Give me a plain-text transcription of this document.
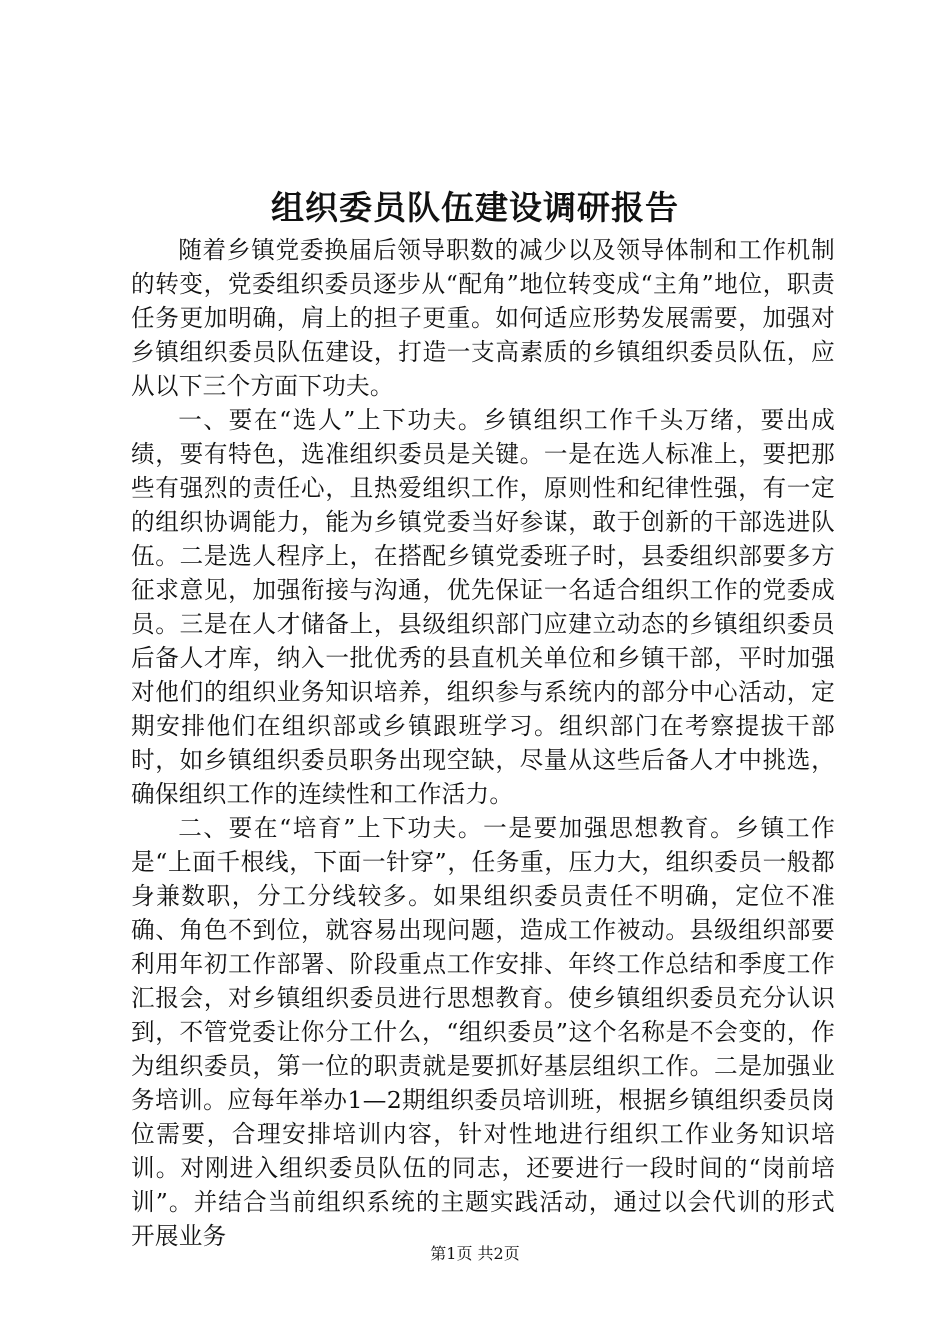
组织委员队伍建设调研报告

随着乡镇党委换届后领导职数的减少以及领导体制和工作机制的转变，党委组织委员逐步从“配角”地位转变成“主角”地位，职责任务更加明确，肩上的担子更重。如何适应形势发展需要，加强对乡镇组织委员队伍建设，打造一支高素质的乡镇组织委员队伍，应从以下三个方面下功夫。

一、要在“选人”上下功夫。乡镇组织工作千头万绪，要出成绩，要有特色，选准组织委员是关键。一是在选人标准上，要把那些有强烈的责任心，且热爱组织工作，原则性和纪律性强，有一定的组织协调能力，能为乡镇党委当好参谋，敢于创新的干部选进队伍。二是选人程序上，在搭配乡镇党委班子时，县委组织部要多方征求意见，加强衔接与沟通，优先保证一名适合组织工作的党委成员。三是在人才储备上，县级组织部门应建立动态的乡镇组织委员后备人才库，纳入一批优秀的县直机关单位和乡镇干部，平时加强对他们的组织业务知识培养，组织参与系统内的部分中心活动，定期安排他们在组织部或乡镇跟班学习。组织部门在考察提拔干部时，如乡镇组织委员职务出现空缺，尽量从这些后备人才中挑选，确保组织工作的连续性和工作活力。

二、要在“培育”上下功夫。一是要加强思想教育。乡镇工作是“上面千根线，下面一针穿”，任务重，压力大，组织委员一般都身兼数职，分工分线较多。如果组织委员责任不明确，定位不准确、角色不到位，就容易出现问题，造成工作被动。县级组织部要利用年初工作部署、阶段重点工作安排、年终工作总结和季度工作汇报会，对乡镇组织委员进行思想教育。使乡镇组织委员充分认识到，不管党委让你分工什么，“组织委员”这个名称是不会变的，作为组织委员，第一位的职责就是要抓好基层组织工作。二是加强业务培训。应每年举办1—2期组织委员培训班，根据乡镇组织委员岗位需要，合理安排培训内容，针对性地进行组织工作业务知识培训。对刚进入组织委员队伍的同志，还要进行一段时间的“岗前培训”。并结合当前组织系统的主题实践活动，通过以会代训的形式开展业务

第1页 共2页
